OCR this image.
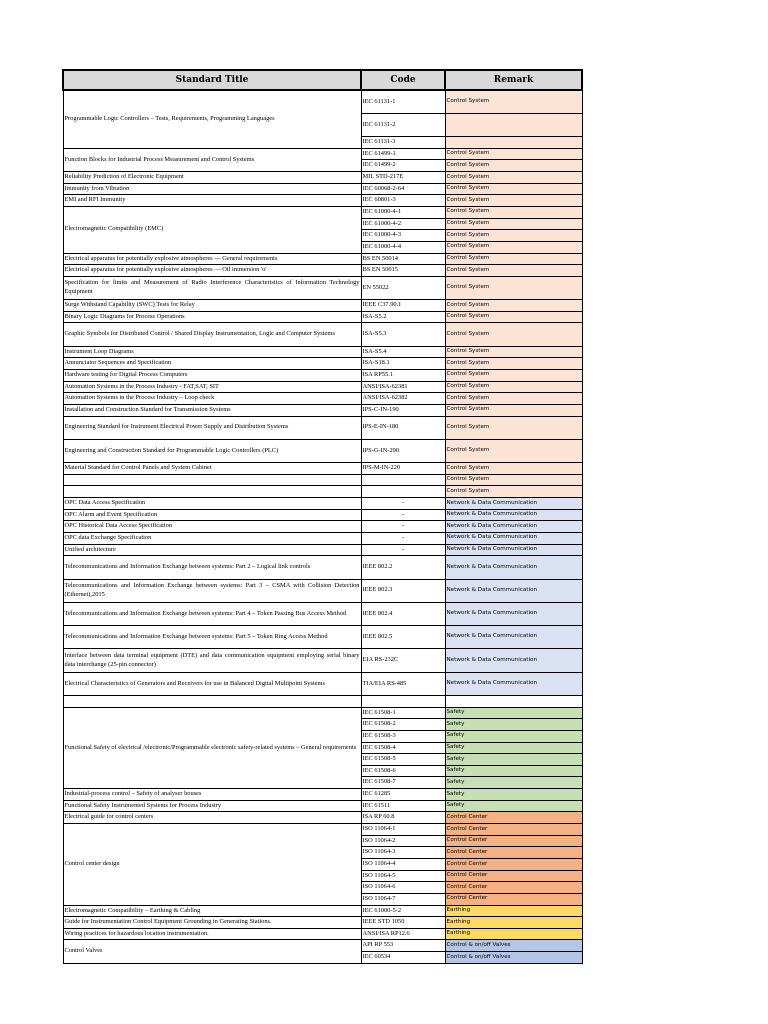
Standard Title	Code	Remark
Programmable Logic Controllers – Tests, Requirements, Programming Languages	IEC 61131-1	Control System
	IEC 61131-2	
	IEC 61131-3	
Function Blocks for Industrial Process Measurement and Control Systems	IEC 61499-1	Control System
	IEC 61499-2	Control System
Reliability Prediction of Electronic Equipment	MIL STD-217E	Control System
Immunity from Vibration	IEC 60068-2-64	Control System
EMI and RFI Immunity	IEC 60801-3	Control System
Electromagnetic Compatibility (EMC)	IEC 61000-4-1	Control System
	IEC 61000-4-2	Control System
	IEC 61000-4-3	Control System
	IEC 61000-4-4	Control System
Electrical apparatus for potentially explosive atmospheres — General requirements	BS EN 50014	Control System
Electrical apparatus for potentially explosive atmospheres — Oil immersion 'o'	BS EN 50015	Control System
Specification for limits and Measurement of Radio Interference Characteristics of Information Technology Equipment	EN 55022	Control System
Surge Withstand Capability (SWC) Tests for Relay	IEEE C37.90.1	Control System
Binary Logic Diagrams for Process Operations	ISA-S5.2	Control System
Graphic Symbols for Distributed Control / Shared Display Instrumentation, Logic and Computer Systems	ISA-S5.3	Control System
Instrument Loop Diagrams	ISA-S5.4	Control System
Annunciator Sequences and Specification	ISA-S18.1	Control System
Hardware testing for Digital Process Computers	ISA RP55.1	Control System
Automation Systems in the Process Industry - FAT,SAT, SIT	ANSI/ISA-62381	Control System
Automation Systems in the Process Industry – Loop check	ANSI/ISA-62382	Control System
Installation and Construction Standard for Transmission Systems	IPS-C-IN-190	Control System
Engineering Standard for Instrument Electrical Power Supply and Distribution Systems	IPS-E-IN-180	Control System
Engineering and Construction Standard for Programmable Logic Controllers (PLC)	IPS-G-IN-290	Control System
Material Standard for Control Panels and System Cabinet	IPS-M-IN-220	Control System
		Control System
		Control System
OPC Data Access Specification	-	Network & Data Communication
OPC Alarm and Event Specification	-	Network & Data Communication
OPC Historical Data Access Specification	-	Network & Data Communication
OPC data Exchange Specification	-	Network & Data Communication
Unified architecture	-	Network & Data Communication
Telecommunications and Information Exchange between systems: Part 2 – Logical link controls	IEEE 802.2	Network & Data Communication
Telecommunications and Information Exchange between systems: Part 3 – CSMA with Collision Detection (Ethernet),2015	IEEE 802.3	Network & Data Communication
Telecommunications and Information Exchange between systems: Part 4 – Token Passing Bus Access Method	IEEE 802.4	Network & Data Communication
Telecommunications and Information Exchange between systems: Part 5 – Token Ring Access Method	IEEE 802.5	Network & Data Communication
Interface between data terminal equipment (DTE) and data communication equipment employing serial binary data interchange (25-pin connector)	EIA RS-232C	Network & Data Communication
Electrical Characteristics of Generators and Receivers for use in Balanced Digital Multipoint Systems	TIA/EIA RS-485	Network & Data Communication

Functional Safety of electrical /electronic/Programmable electronic safety-related systems – General requirements	IEC 61508-1	Safety
	IEC 61508-2	Safety
	IEC 61508-3	Safety
	IEC 61508-4	Safety
	IEC 61508-5	Safety
	IEC 61508-6	Safety
	IEC 61508-7	Safety
Industrial-process control – Safety of analyser houses	IEC 61285	Safety
Functional Safety Instrumented Systems for Process Industry	IEC 61511	Safety
Electrical guide for control centers	ISA RP 60.8	Control Center
Control center design	ISO 11064-1	Control Center
	ISO 11064-2	Control Center
	ISO 11064-3	Control Center
	ISO 11064-4	Control Center
	ISO 11064-5	Control Center
	ISO 11064-6	Control Center
	ISO 11064-7	Control Center
Electromagnetic Compatibility – Earthing & Cabling	IEC 61000-5-2	Earthing
Guide for Instrumentation Control Equipment Grounding in Generating Stations.	IEEE STD 1050	Earthing
Wiring practices for hazardous location instrumentation.	ANSI/ISA RP12.6	Earthing
Control Valves	API RP 553	Control & on/off Valves
	IEC 60534	Control & on/off Valves
